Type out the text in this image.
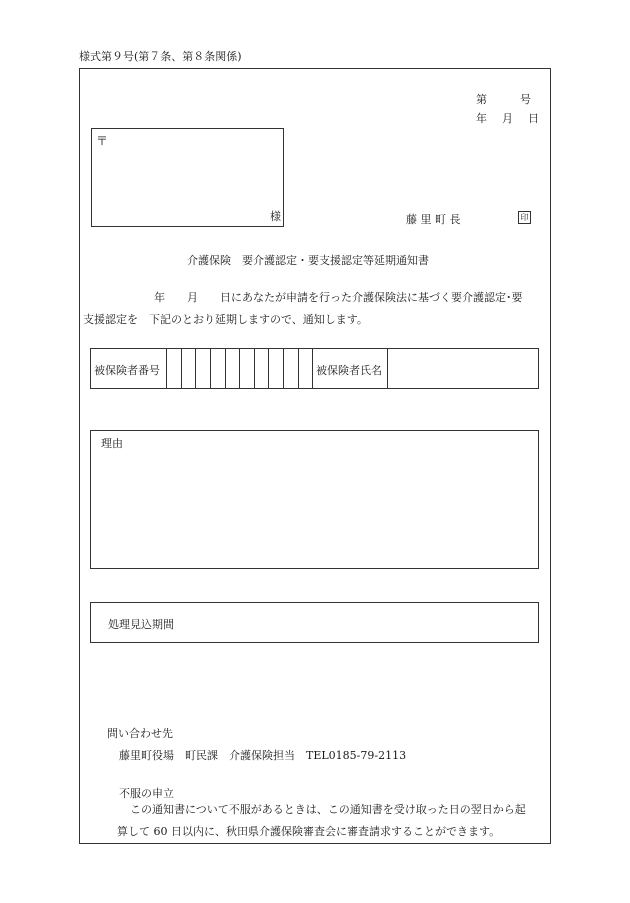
様式第９号(第７条、第８条関係)
第　　　号
年　月　日
〒
様	藤 里 町 長	印
介護保険　要介護認定・要支援認定等延期通知書
年　　月　　日にあなたが申請を行った介護保険法に基づく要介護認定･要
支援認定を　下記のとおり延期しますので、通知します。
被保険者番号	被保険者氏名
理由
処理見込期間
問い合わせ先
藤里町役場　町民課　介護保険担当　TEL0185-79-2113
不服の申立
この通知書について不服があるときは、この通知書を受け取った日の翌日から起
算して 60 日以内に、秋田県介護保険審査会に審査請求することができます。
